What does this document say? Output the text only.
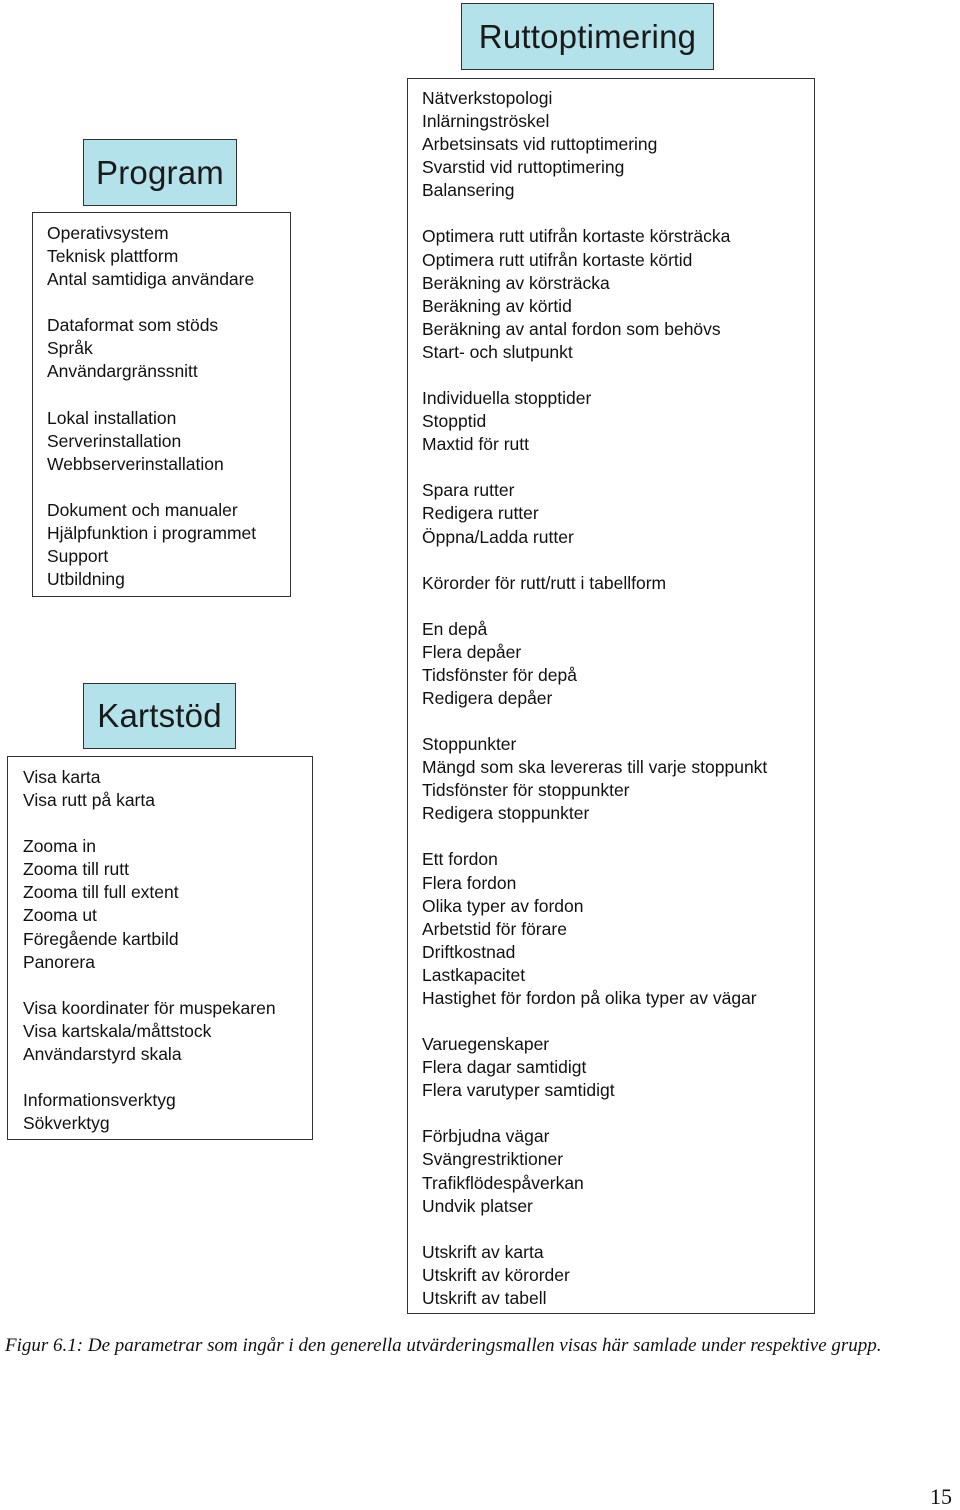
Program
Operativsystem
Teknisk plattform
Antal samtidiga användare
Dataformat som stöds
Språk
Användargränssnitt
Lokal installation
Serverinstallation
Webbserverinstallation
Dokument och manualer
Hjälpfunktion i programmet
Support
Utbildning
Kartstöd
Visa karta
Visa rutt på karta
Zooma in
Zooma till rutt
Zooma till full extent
Zooma ut
Föregående kartbild
Panorera
Visa koordinater för muspekaren
Visa kartskala/måttstock
Användarstyrd skala
Informationsverktyg
Sökverktyg
Ruttoptimering
Nätverkstopologi
Inlärningströskel
Arbetsinsats vid ruttoptimering
Svarstid vid ruttoptimering
Balansering
Optimera rutt utifrån kortaste körsträcka
Optimera rutt utifrån kortaste körtid
Beräkning av körsträcka
Beräkning av körtid
Beräkning av antal fordon som behövs
Start- och slutpunkt
Individuella stopptider
Stopptid
Maxtid för rutt
Spara rutter
Redigera rutter
Öppna/Ladda rutter
Körorder för rutt/rutt i tabellform
En depå
Flera depåer
Tidsfönster för depå
Redigera depåer
Stoppunkter
Mängd som ska levereras till varje stoppunkt
Tidsfönster för stoppunkter
Redigera stoppunkter
Ett fordon
Flera fordon
Olika typer av fordon
Arbetstid för förare
Driftkostnad
Lastkapacitet
Hastighet för fordon på olika typer av vägar
Varuegenskaper
Flera dagar samtidigt
Flera varutyper samtidigt
Förbjudna vägar
Svängrestriktioner
Trafikflödespåverkan
Undvik platser
Utskrift av karta
Utskrift av körorder
Utskrift av tabell
Figur 6.1: De parametrar som ingår i den generella utvärderingsmallen visas här samlade under respektive grupp.
15
